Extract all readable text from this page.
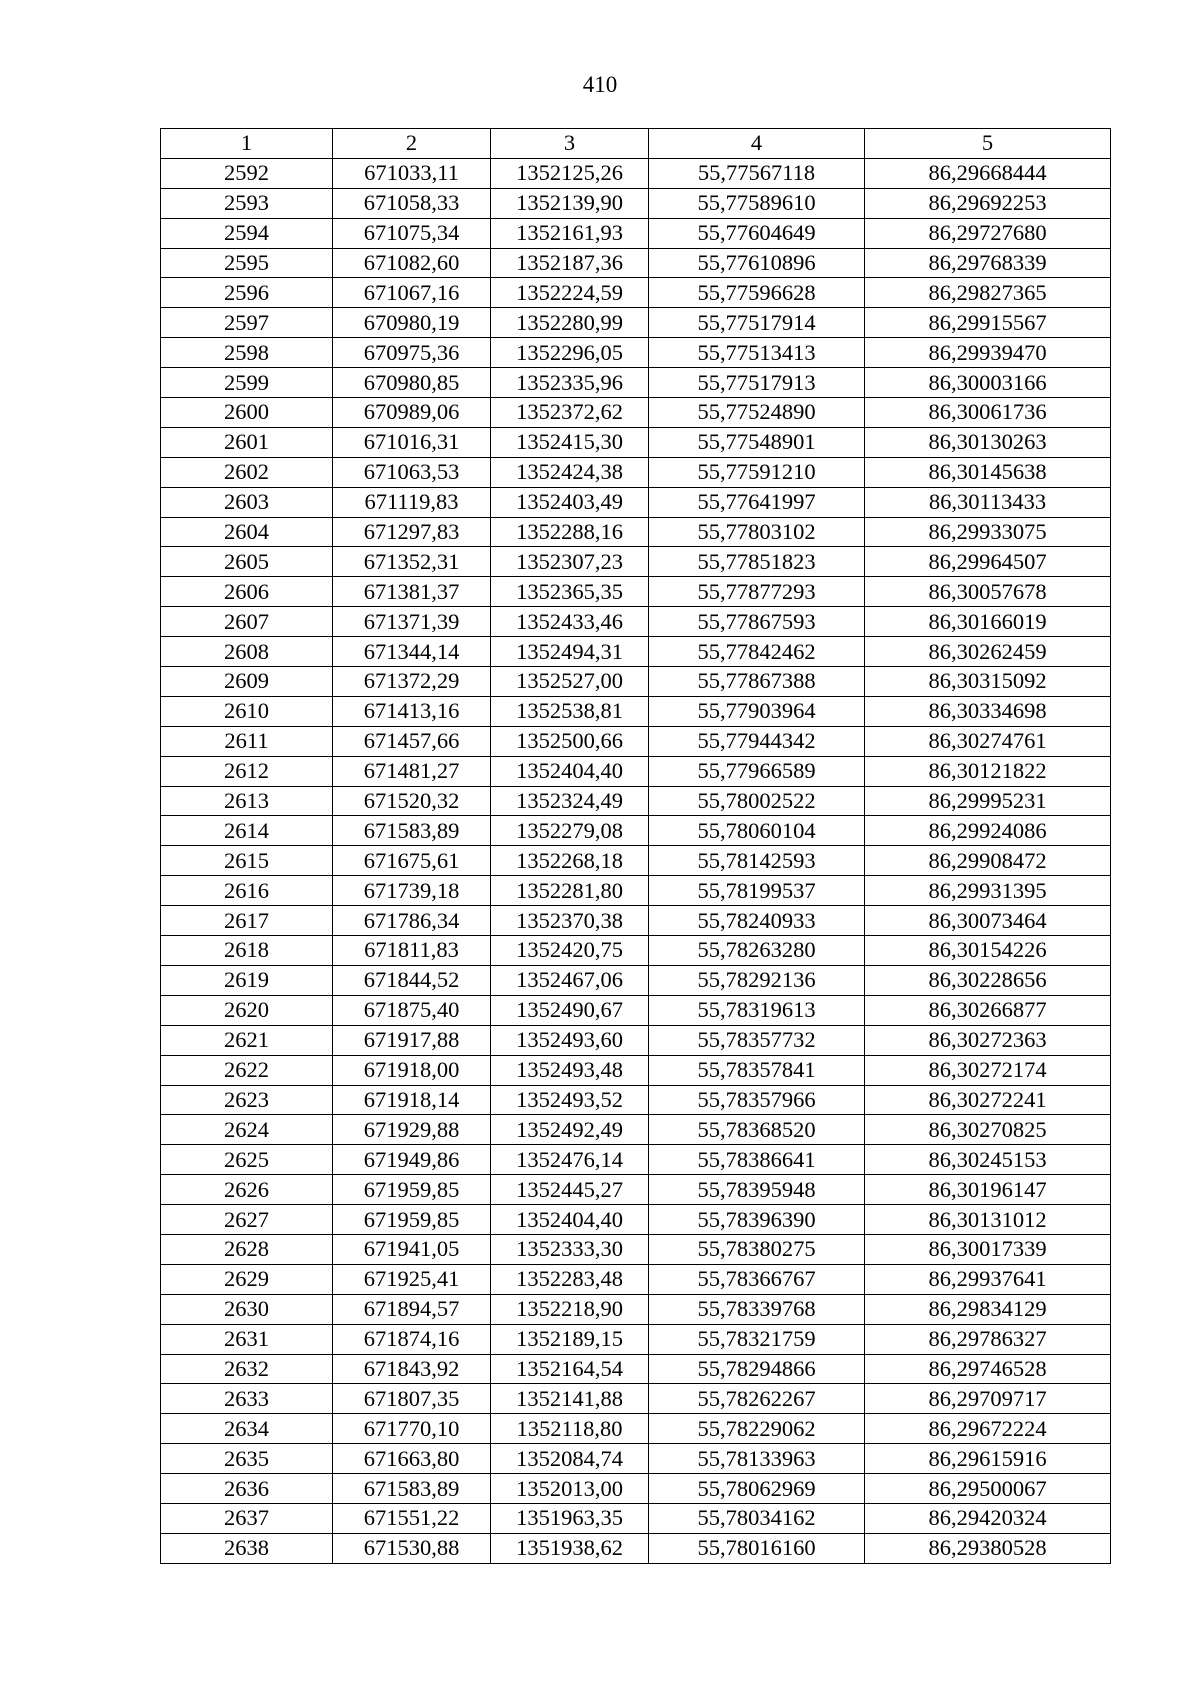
410
1	2	3	4	5
2592	671033,11	1352125,26	55,77567118	86,29668444
2593	671058,33	1352139,90	55,77589610	86,29692253
2594	671075,34	1352161,93	55,77604649	86,29727680
2595	671082,60	1352187,36	55,77610896	86,29768339
2596	671067,16	1352224,59	55,77596628	86,29827365
2597	670980,19	1352280,99	55,77517914	86,29915567
2598	670975,36	1352296,05	55,77513413	86,29939470
2599	670980,85	1352335,96	55,77517913	86,30003166
2600	670989,06	1352372,62	55,77524890	86,30061736
2601	671016,31	1352415,30	55,77548901	86,30130263
2602	671063,53	1352424,38	55,77591210	86,30145638
2603	671119,83	1352403,49	55,77641997	86,30113433
2604	671297,83	1352288,16	55,77803102	86,29933075
2605	671352,31	1352307,23	55,77851823	86,29964507
2606	671381,37	1352365,35	55,77877293	86,30057678
2607	671371,39	1352433,46	55,77867593	86,30166019
2608	671344,14	1352494,31	55,77842462	86,30262459
2609	671372,29	1352527,00	55,77867388	86,30315092
2610	671413,16	1352538,81	55,77903964	86,30334698
2611	671457,66	1352500,66	55,77944342	86,30274761
2612	671481,27	1352404,40	55,77966589	86,30121822
2613	671520,32	1352324,49	55,78002522	86,29995231
2614	671583,89	1352279,08	55,78060104	86,29924086
2615	671675,61	1352268,18	55,78142593	86,29908472
2616	671739,18	1352281,80	55,78199537	86,29931395
2617	671786,34	1352370,38	55,78240933	86,30073464
2618	671811,83	1352420,75	55,78263280	86,30154226
2619	671844,52	1352467,06	55,78292136	86,30228656
2620	671875,40	1352490,67	55,78319613	86,30266877
2621	671917,88	1352493,60	55,78357732	86,30272363
2622	671918,00	1352493,48	55,78357841	86,30272174
2623	671918,14	1352493,52	55,78357966	86,30272241
2624	671929,88	1352492,49	55,78368520	86,30270825
2625	671949,86	1352476,14	55,78386641	86,30245153
2626	671959,85	1352445,27	55,78395948	86,30196147
2627	671959,85	1352404,40	55,78396390	86,30131012
2628	671941,05	1352333,30	55,78380275	86,30017339
2629	671925,41	1352283,48	55,78366767	86,29937641
2630	671894,57	1352218,90	55,78339768	86,29834129
2631	671874,16	1352189,15	55,78321759	86,29786327
2632	671843,92	1352164,54	55,78294866	86,29746528
2633	671807,35	1352141,88	55,78262267	86,29709717
2634	671770,10	1352118,80	55,78229062	86,29672224
2635	671663,80	1352084,74	55,78133963	86,29615916
2636	671583,89	1352013,00	55,78062969	86,29500067
2637	671551,22	1351963,35	55,78034162	86,29420324
2638	671530,88	1351938,62	55,78016160	86,29380528
